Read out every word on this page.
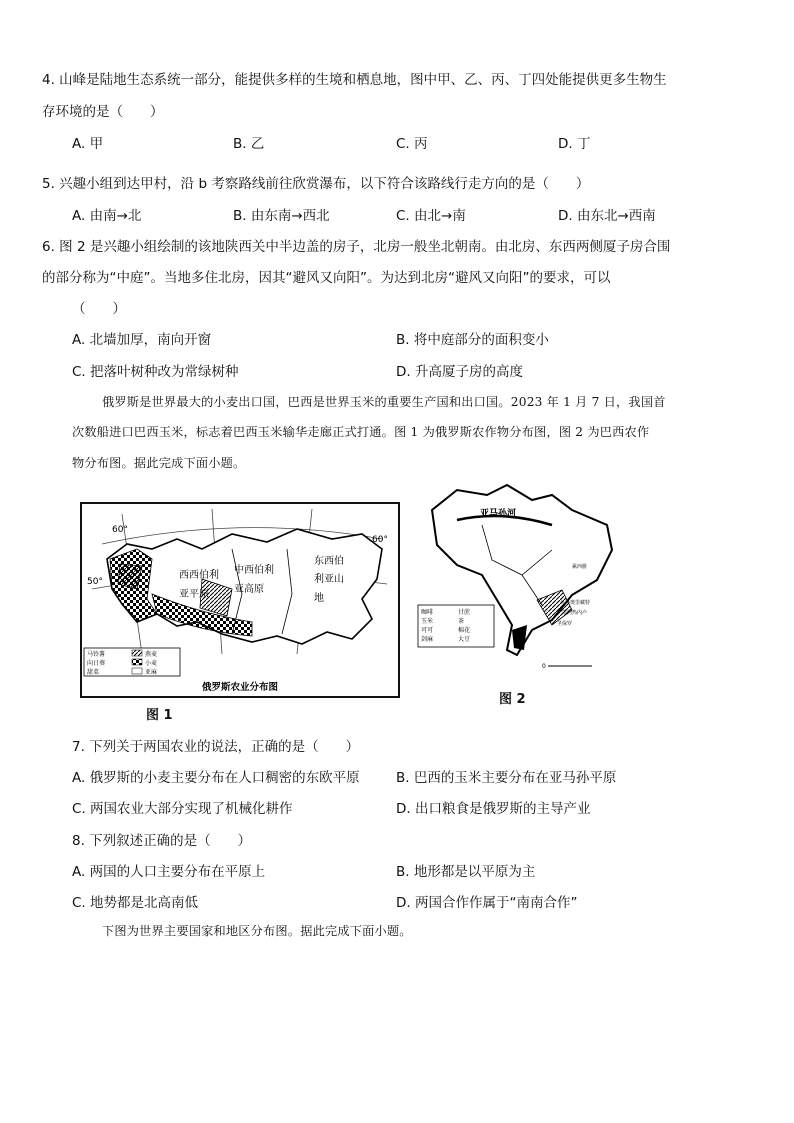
4. 山峰是陆地生态系统一部分，能提供多样的生境和栖息地，图中甲、乙、丙、丁四处能提供更多生物生
存环境的是（　　）
A. 甲	B. 乙	C. 丙	D. 丁
5. 兴趣小组到达甲村，沿 b 考察路线前往欣赏瀑布，以下符合该路线行走方向的是（　　）
A. 由南→北	B. 由东南→西北	C. 由北→南	D. 由东北→西南
6. 图 2 是兴趣小组绘制的该地陕西关中半边盖的房子，北房一般坐北朝南。由北房、东西两侧厦子房合围
的部分称为“中庭”。当地多住北房，因其“避风又向阳”。为达到北房“避风又向阳”的要求，可以
（　　）
A. 北墙加厚，南向开窗	B. 将中庭部分的面积变小
C. 把落叶树种改为常绿树种	D. 升高厦子房的高度
俄罗斯是世界最大的小麦出口国，巴西是世界玉米的重要生产国和出口国。2023 年 1 月 7 日，我国首
次数船进口巴西玉米，标志着巴西玉米输华走廊正式打通。图 1 为俄罗斯农作物分布图，图 2 为巴西农作
物分布图。据此完成下面小题。
西西伯利
亚平原
中西伯利
亚高原
东西伯
利亚山
地
60°
50°
60°
马铃薯
向日葵
甜菜
燕麦
小麦
亚麻
俄罗斯农业分布图
图 1
亚马孙河
累西腓
贝洛奥里藏特
里约热内卢
圣保罗
咖啡
玉米
可可
剑麻
甘蔗
茶
棉花
大豆
0
图 2
7. 下列关于两国农业的说法，正确的是（　　）
A. 俄罗斯的小麦主要分布在人口稠密的东欧平原	B. 巴西的玉米主要分布在亚马孙平原
C. 两国农业大部分实现了机械化耕作	D. 出口粮食是俄罗斯的主导产业
8. 下列叙述正确的是（　　）
A. 两国的人口主要分布在平原上	B. 地形都是以平原为主
C. 地势都是北高南低	D. 两国合作作属于“南南合作”
下图为世界主要国家和地区分布图。据此完成下面小题。
